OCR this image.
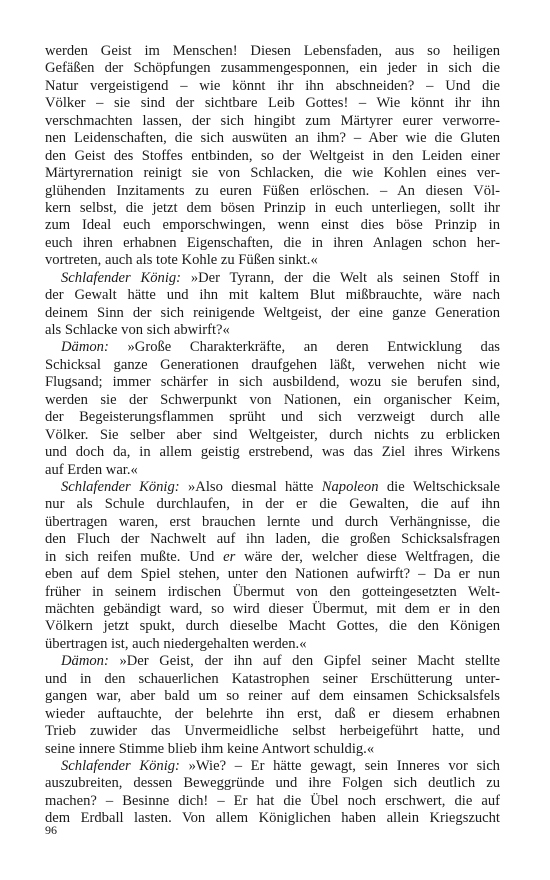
werden Geist im Menschen! Diesen Lebensfaden, aus so heiligen
Gefäßen der Schöpfungen zusammengesponnen, ein jeder in sich die
Natur vergeistigend – wie könnt ihr ihn abschneiden? – Und die
Völker – sie sind der sichtbare Leib Gottes! – Wie könnt ihr ihn
verschmachten lassen, der sich hingibt zum Märtyrer eurer verworre-
nen Leidenschaften, die sich auswüten an ihm? – Aber wie die Gluten
den Geist des Stoffes entbinden, so der Weltgeist in den Leiden einer
Märtyrernation reinigt sie von Schlacken, die wie Kohlen eines ver-
glühenden Inzitaments zu euren Füßen erlöschen. – An diesen Völ-
kern selbst, die jetzt dem bösen Prinzip in euch unterliegen, sollt ihr
zum Ideal euch emporschwingen, wenn einst dies böse Prinzip in
euch ihren erhabnen Eigenschaften, die in ihren Anlagen schon her-
vortreten, auch als tote Kohle zu Füßen sinkt.«
Schlafender König: »Der Tyrann, der die Welt als seinen Stoff in
der Gewalt hätte und ihn mit kaltem Blut mißbrauchte, wäre nach
deinem Sinn der sich reinigende Weltgeist, der eine ganze Generation
als Schlacke von sich abwirft?«
Dämon: »Große Charakterkräfte, an deren Entwicklung das
Schicksal ganze Generationen draufgehen läßt, verwehen nicht wie
Flugsand; immer schärfer in sich ausbildend, wozu sie berufen sind,
werden sie der Schwerpunkt von Nationen, ein organischer Keim,
der Begeisterungsflammen sprüht und sich verzweigt durch alle
Völker. Sie selber aber sind Weltgeister, durch nichts zu erblicken
und doch da, in allem geistig erstrebend, was das Ziel ihres Wirkens
auf Erden war.«
Schlafender König: »Also diesmal hätte Napoleon die Weltschicksale
nur als Schule durchlaufen, in der er die Gewalten, die auf ihn
übertragen waren, erst brauchen lernte und durch Verhängnisse, die
den Fluch der Nachwelt auf ihn laden, die großen Schicksalsfragen
in sich reifen mußte. Und er wäre der, welcher diese Weltfragen, die
eben auf dem Spiel stehen, unter den Nationen aufwirft? – Da er nun
früher in seinem irdischen Übermut von den gotteingesetzten Welt-
mächten gebändigt ward, so wird dieser Übermut, mit dem er in den
Völkern jetzt spukt, durch dieselbe Macht Gottes, die den Königen
übertragen ist, auch niedergehalten werden.«
Dämon: »Der Geist, der ihn auf den Gipfel seiner Macht stellte
und in den schauerlichen Katastrophen seiner Erschütterung unter-
gangen war, aber bald um so reiner auf dem einsamen Schicksalsfels
wieder auftauchte, der belehrte ihn erst, daß er diesem erhabnen
Trieb zuwider das Unvermeidliche selbst herbeigeführt hatte, und
seine innere Stimme blieb ihm keine Antwort schuldig.«
Schlafender König: »Wie? – Er hätte gewagt, sein Inneres vor sich
auszubreiten, dessen Beweggründe und ihre Folgen sich deutlich zu
machen? – Besinne dich! – Er hat die Übel noch erschwert, die auf
dem Erdball lasten. Von allem Königlichen haben allein Kriegszucht
96
